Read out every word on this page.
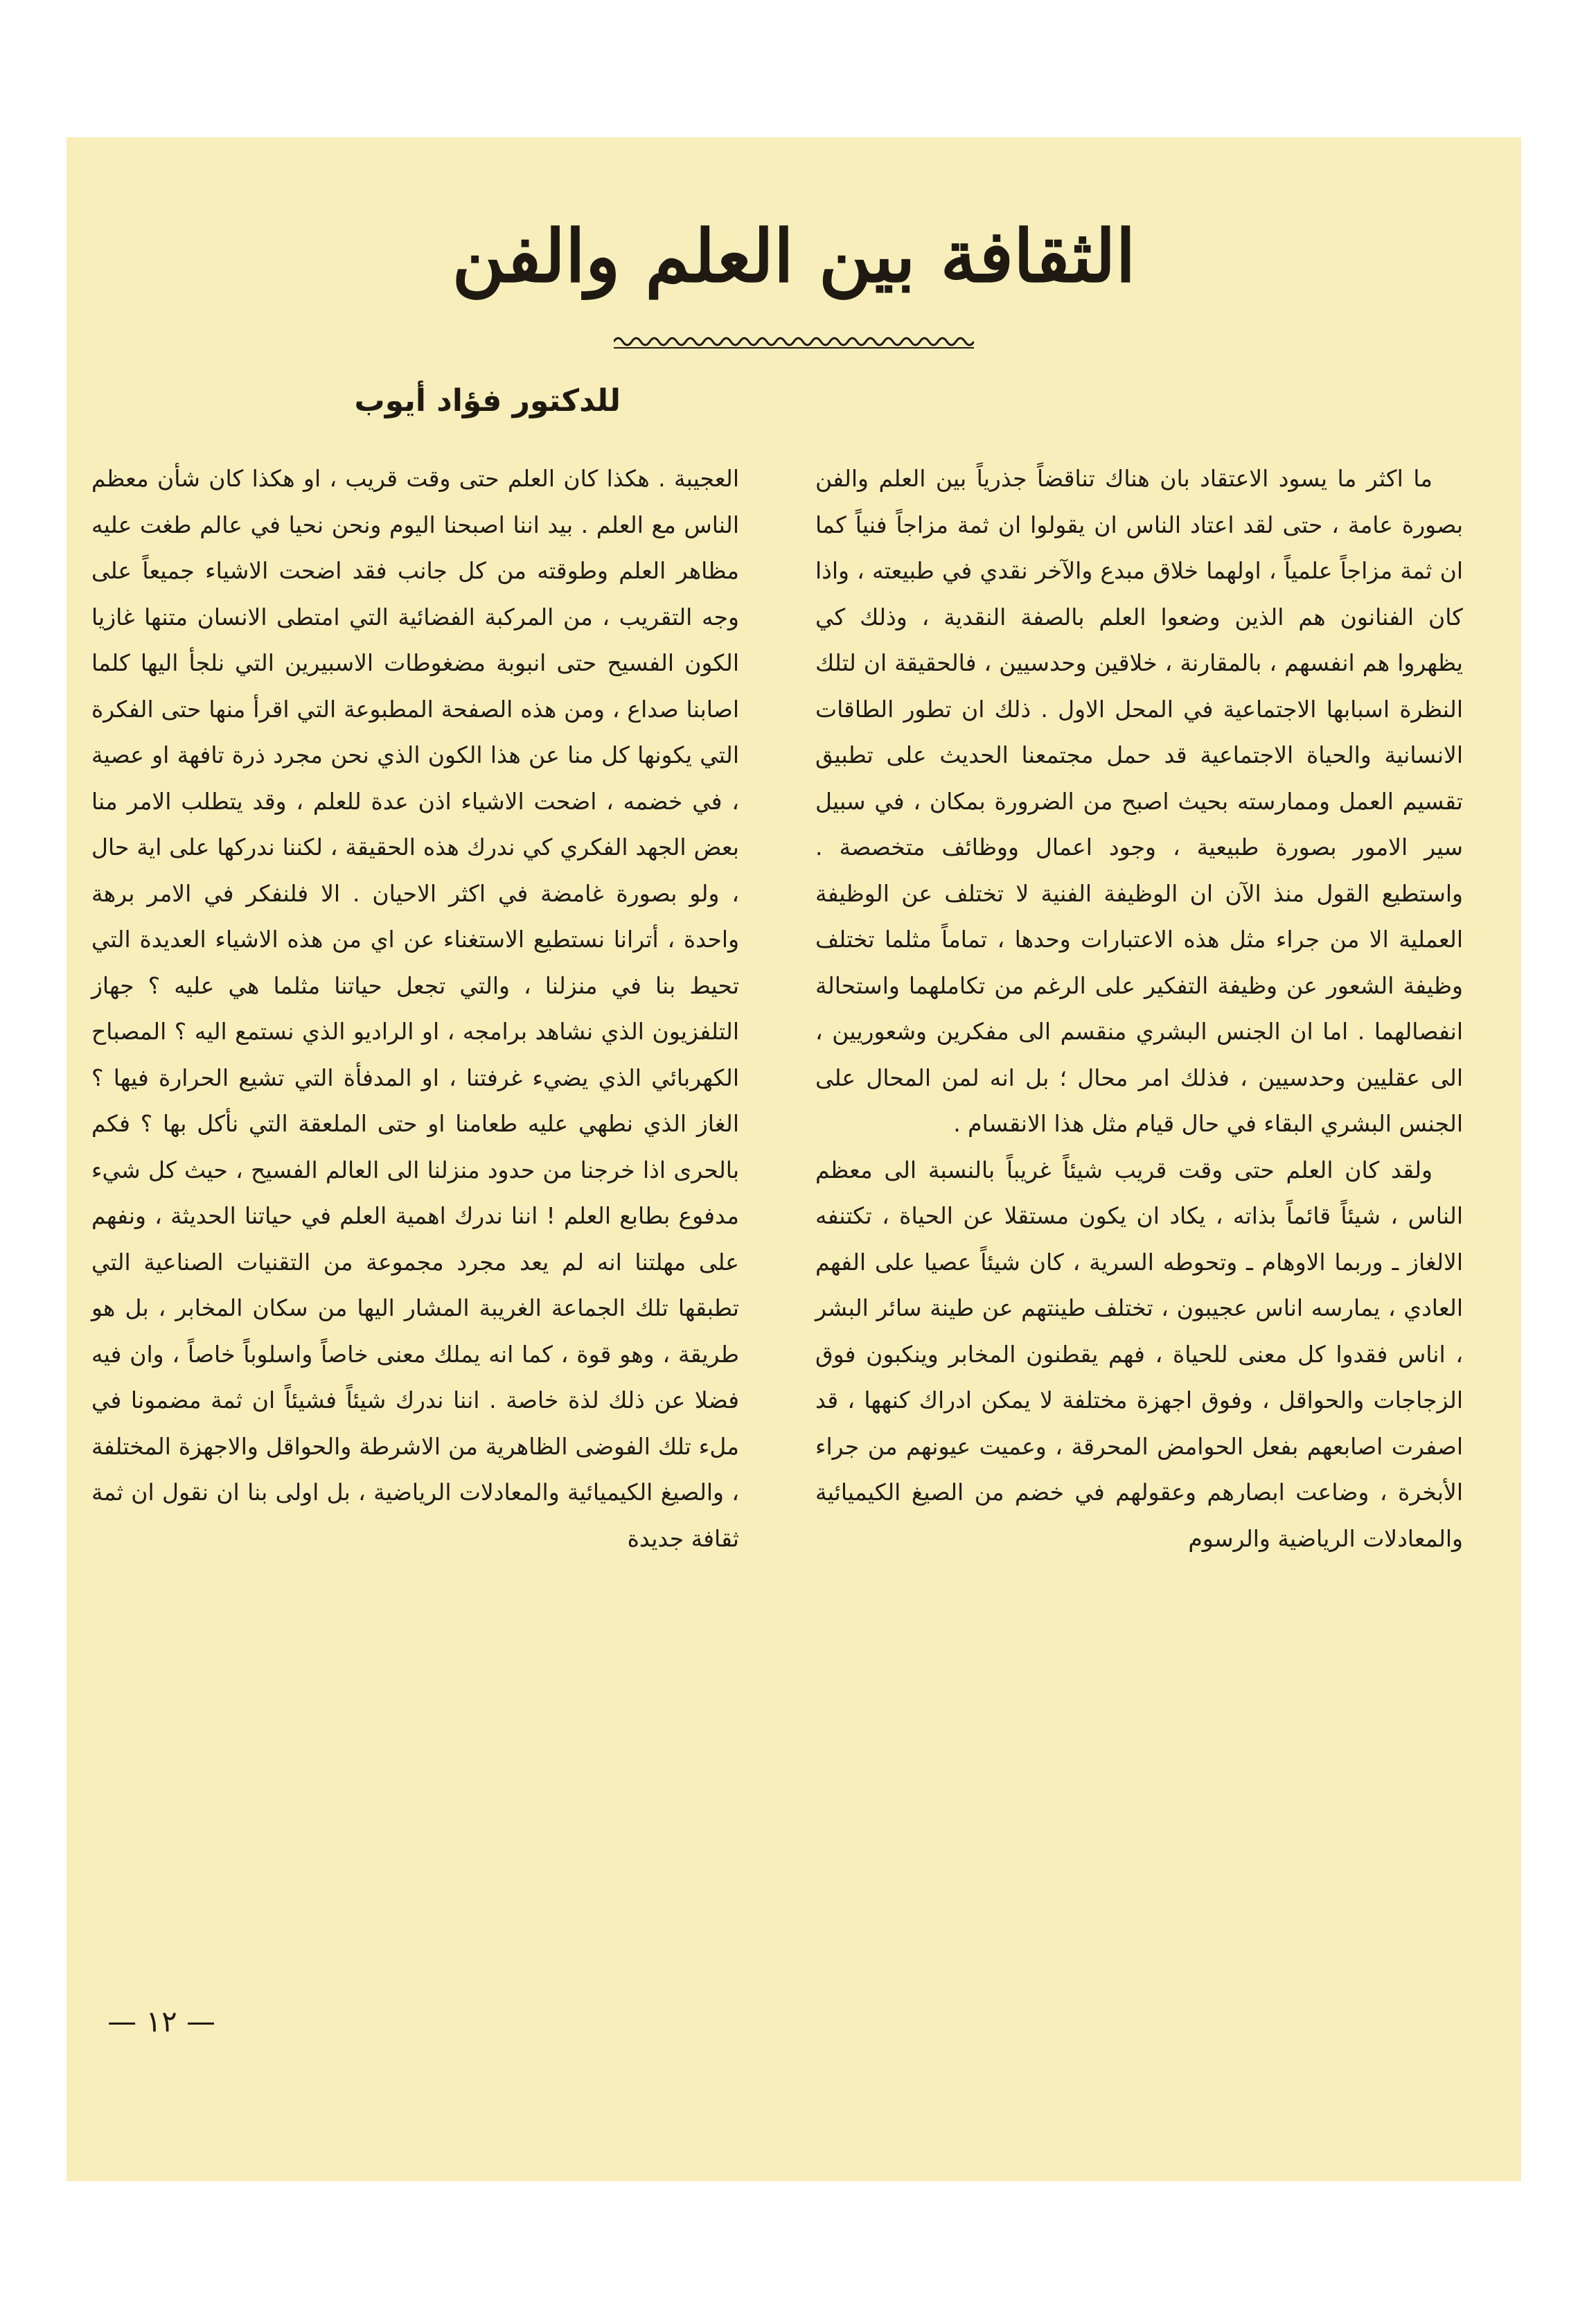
الثقافة بين العلم والفن
للدكتور فؤاد أيوب

ما اكثر ما يسود الاعتقاد بان هناك تناقضاً جذرياً بين العلم والفن بصورة عامة ، حتى لقد اعتاد الناس ان يقولوا ان ثمة مزاجاً فنياً كما ان ثمة مزاجاً علمياً ، اولهما خلاق مبدع والآخر نقدي في طبيعته ، واذا كان الفنانون هم الذين وضعوا العلم بالصفة النقدية ، وذلك كي يظهروا هم انفسهم ، بالمقارنة ، خلاقين وحدسيين ، فالحقيقة ان لتلك النظرة اسبابها الاجتماعية في المحل الاول . ذلك ان تطور الطاقات الانسانية والحياة الاجتماعية قد حمل مجتمعنا الحديث على تطبيق تقسيم العمل وممارسته بحيث اصبح من الضرورة بمكان ، في سبيل سير الامور بصورة طبيعية ، وجود اعمال ووظائف متخصصة . واستطيع القول منذ الآن ان الوظيفة الفنية لا تختلف عن الوظيفة العملية الا من جراء مثل هذه الاعتبارات وحدها ، تماماً مثلما تختلف وظيفة الشعور عن وظيفة التفكير على الرغم من تكاملهما واستحالة انفصالهما . اما ان الجنس البشري منقسم الى مفكرين وشعوريين ، الى عقليين وحدسيين ، فذلك امر محال ؛ بل انه لمن المحال على الجنس البشري البقاء في حال قيام مثل هذا الانقسام .

ولقد كان العلم حتى وقت قريب شيئاً غريباً بالنسبة الى معظم الناس ، شيئاً قائماً بذاته ، يكاد ان يكون مستقلا عن الحياة ، تكتنفه الالغاز ـ وربما الاوهام ـ وتحوطه السرية ، كان شيئاً عصيا على الفهم العادي ، يمارسه اناس عجيبون ، تختلف طينتهم عن طينة سائر البشر ، اناس فقدوا كل معنى للحياة ، فهم يقطنون المخابر وينكبون فوق الزجاجات والحواقل ، وفوق اجهزة مختلفة لا يمكن ادراك كنهها ، قد اصفرت اصابعهم بفعل الحوامض المحرقة ، وعميت عيونهم من جراء الأبخرة ، وضاعت ابصارهم وعقولهم في خضم من الصيغ الكيميائية والمعادلات الرياضية والرسوم

العجيبة . هكذا كان العلم حتى وقت قريب ، او هكذا كان شأن معظم الناس مع العلم . بيد اننا اصبحنا اليوم ونحن نحيا في عالم طغت عليه مظاهر العلم وطوقته من كل جانب فقد اضحت الاشياء جميعاً على وجه التقريب ، من المركبة الفضائية التي امتطى الانسان متنها غازيا الكون الفسيح حتى انبوبة مضغوطات الاسبيرين التي نلجأ اليها كلما اصابنا صداع ، ومن هذه الصفحة المطبوعة التي اقرأ منها حتى الفكرة التي يكونها كل منا عن هذا الكون الذي نحن مجرد ذرة تافهة او عصية ، في خضمه ، اضحت الاشياء اذن عدة للعلم ، وقد يتطلب الامر منا بعض الجهد الفكري كي ندرك هذه الحقيقة ، لكننا ندركها على اية حال ، ولو بصورة غامضة في اكثر الاحيان . الا فلنفكر في الامر برهة واحدة ، أترانا نستطيع الاستغناء عن اي من هذه الاشياء العديدة التي تحيط بنا في منزلنا ، والتي تجعل حياتنا مثلما هي عليه ؟ جهاز التلفزيون الذي نشاهد برامجه ، او الراديو الذي نستمع اليه ؟ المصباح الكهربائي الذي يضيء غرفتنا ، او المدفأة التي تشيع الحرارة فيها ؟ الغاز الذي نطهي عليه طعامنا او حتى الملعقة التي نأكل بها ؟ فكم بالحرى اذا خرجنا من حدود منزلنا الى العالم الفسيح ، حيث كل شيء مدفوع بطابع العلم ! اننا ندرك اهمية العلم في حياتنا الحديثة ، ونفهم على مهلتنا انه لم يعد مجرد مجموعة من التقنيات الصناعية التي تطبقها تلك الجماعة الغريبة المشار اليها من سكان المخابر ، بل هو طريقة ، وهو قوة ، كما انه يملك معنى خاصاً واسلوباً خاصاً ، وان فيه فضلا عن ذلك لذة خاصة . اننا ندرك شيئاً فشيئاً ان ثمة مضمونا في ملء تلك الفوضى الظاهرية من الاشرطة والحواقل والاجهزة المختلفة ، والصيغ الكيميائية والمعادلات الرياضية ، بل اولى بنا ان نقول ان ثمة ثقافة جديدة

— ١٢ —
